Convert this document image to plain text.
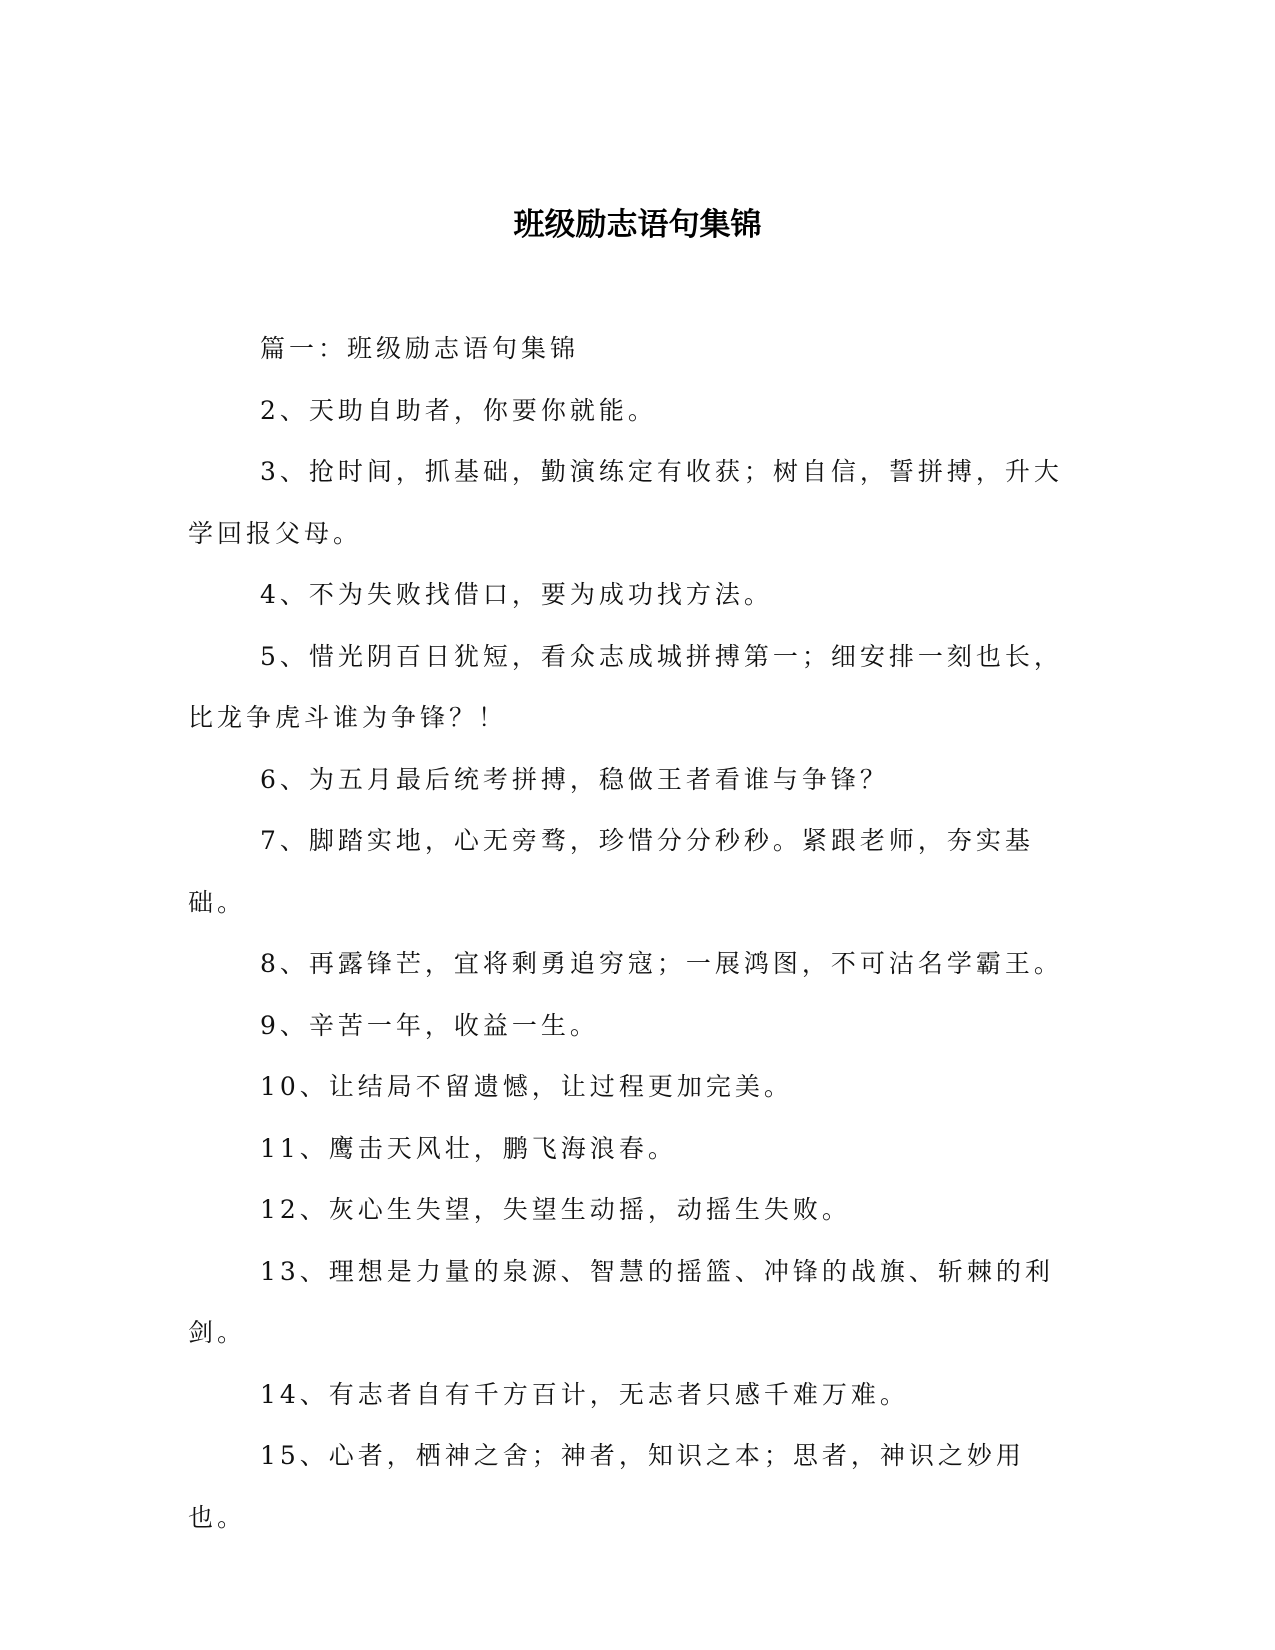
班级励志语句集锦

篇一：班级励志语句集锦

2、天助自助者，你要你就能。

3、抢时间，抓基础，勤演练定有收获；树自信，誓拼搏，升大学回报父母。

4、不为失败找借口，要为成功找方法。

5、惜光阴百日犹短，看众志成城拼搏第一；细安排一刻也长，比龙争虎斗谁为争锋？！

6、为五月最后统考拼搏，稳做王者看谁与争锋？

7、脚踏实地，心无旁骛，珍惜分分秒秒。紧跟老师，夯实基础。

8、再露锋芒，宜将剩勇追穷寇；一展鸿图，不可沽名学霸王。

9、辛苦一年，收益一生。

10、让结局不留遗憾，让过程更加完美。

11、鹰击天风壮，鹏飞海浪春。

12、灰心生失望，失望生动摇，动摇生失败。

13、理想是力量的泉源、智慧的摇篮、冲锋的战旗、斩棘的利剑。

14、有志者自有千方百计，无志者只感千难万难。

15、心者，栖神之舍；神者，知识之本；思者，神识之妙用也。
